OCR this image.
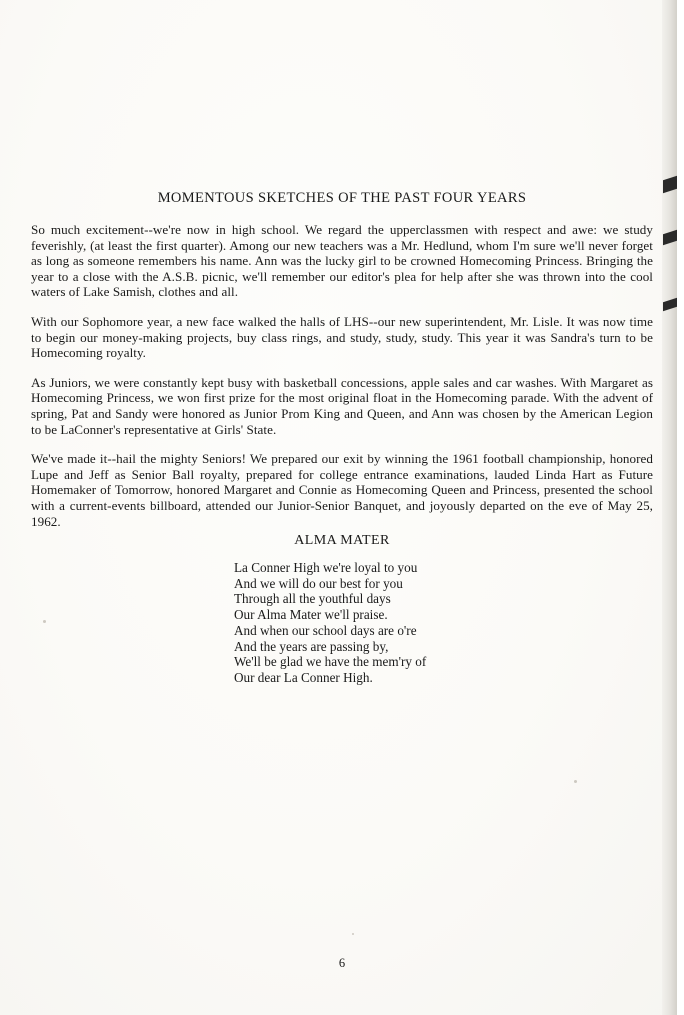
MOMENTOUS SKETCHES OF THE PAST FOUR YEARS

So much excitement--we're now in high school. We regard the upperclassmen with respect and awe: we study feverishly, (at least the first quarter). Among our new teachers was a Mr. Hedlund, whom I'm sure we'll never forget as long as someone remembers his name. Ann was the lucky girl to be crowned Homecoming Princess. Bringing the year to a close with the A.S.B. picnic, we'll remember our editor's plea for help after she was thrown into the cool waters of Lake Samish, clothes and all.

With our Sophomore year, a new face walked the halls of LHS--our new superintendent, Mr. Lisle. It was now time to begin our money-making projects, buy class rings, and study, study, study. This year it was Sandra's turn to be Homecoming royalty.

As Juniors, we were constantly kept busy with basketball concessions, apple sales and car washes. With Margaret as Homecoming Princess, we won first prize for the most original float in the Homecoming parade. With the advent of spring, Pat and Sandy were honored as Junior Prom King and Queen, and Ann was chosen by the American Legion to be LaConner's representative at Girls' State.

We've made it--hail the mighty Seniors! We prepared our exit by winning the 1961 football championship, honored Lupe and Jeff as Senior Ball royalty, prepared for college entrance examinations, lauded Linda Hart as Future Homemaker of Tomorrow, honored Margaret and Connie as Homecoming Queen and Princess, presented the school with a current-events billboard, attended our Junior-Senior Banquet, and joyously departed on the eve of May 25, 1962.

ALMA MATER
La Conner High we're loyal to you
And we will do our best for you
Through all the youthful days
Our Alma Mater we'll praise.
And when our school days are o're
And the years are passing by,
We'll be glad we have the mem'ry of
Our dear La Conner High.
6
